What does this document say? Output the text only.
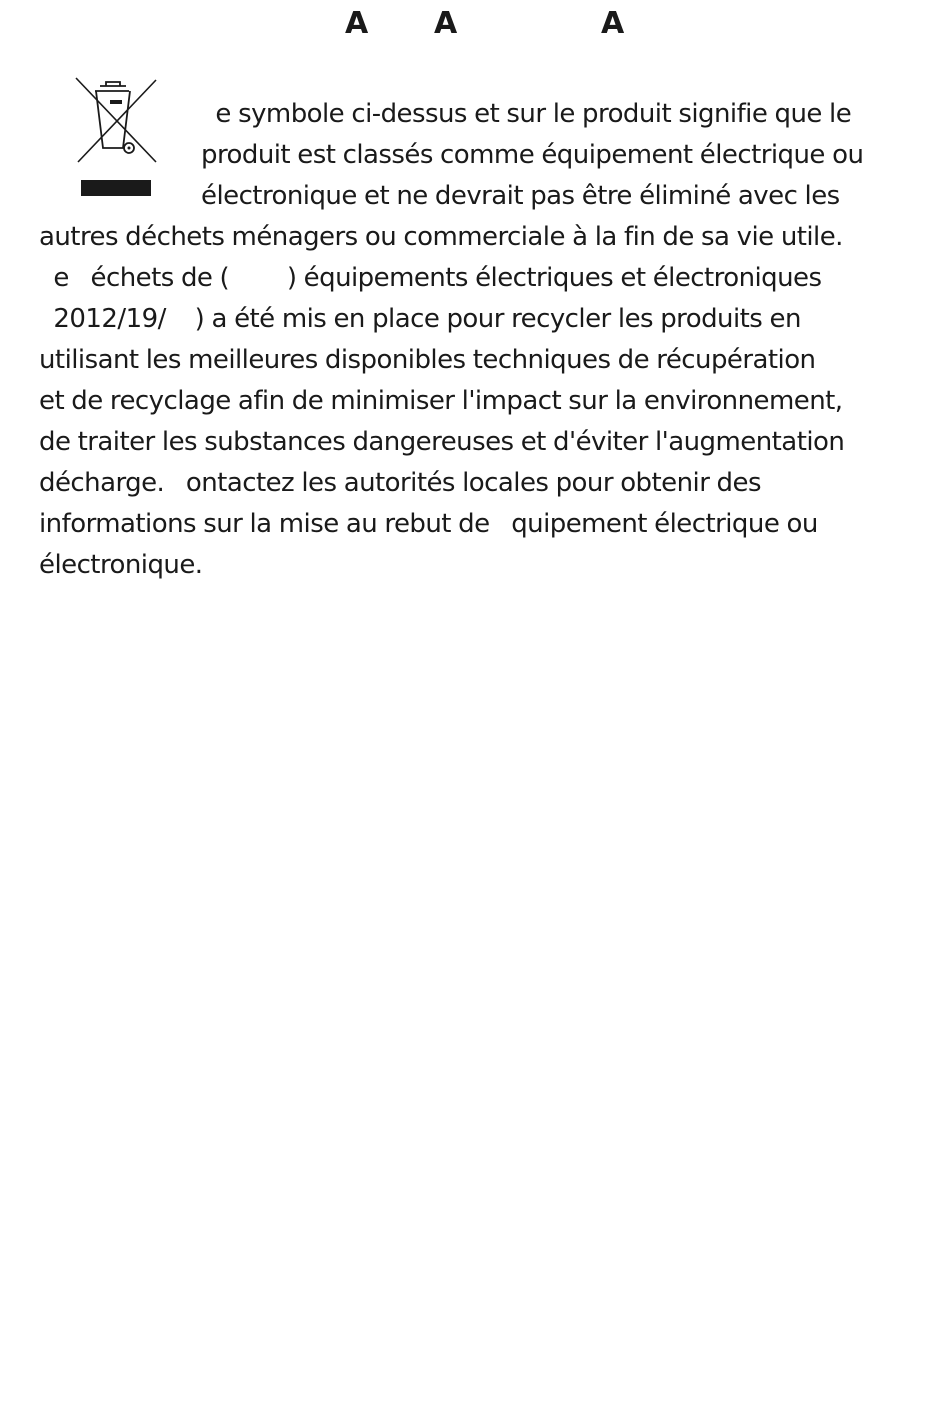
A A	A
e symbole ci-dessus et sur le produit signifie que le
produit est classés comme équipement électrique ou
électronique et ne devrait pas être éliminé avec les
autres déchets ménagers ou commerciale à la fin de sa vie utile.
e   échets de (        ) équipements électriques et électroniques
2012/19/    ) a été mis en place pour recycler les produits en
utilisant les meilleures disponibles techniques de récupération
et de recyclage afin de minimiser l'impact sur la environnement,
de traiter les substances dangereuses et d'éviter l'augmentation
décharge.   ontactez les autorités locales pour obtenir des
informations sur la mise au rebut de   quipement électrique ou
électronique.
